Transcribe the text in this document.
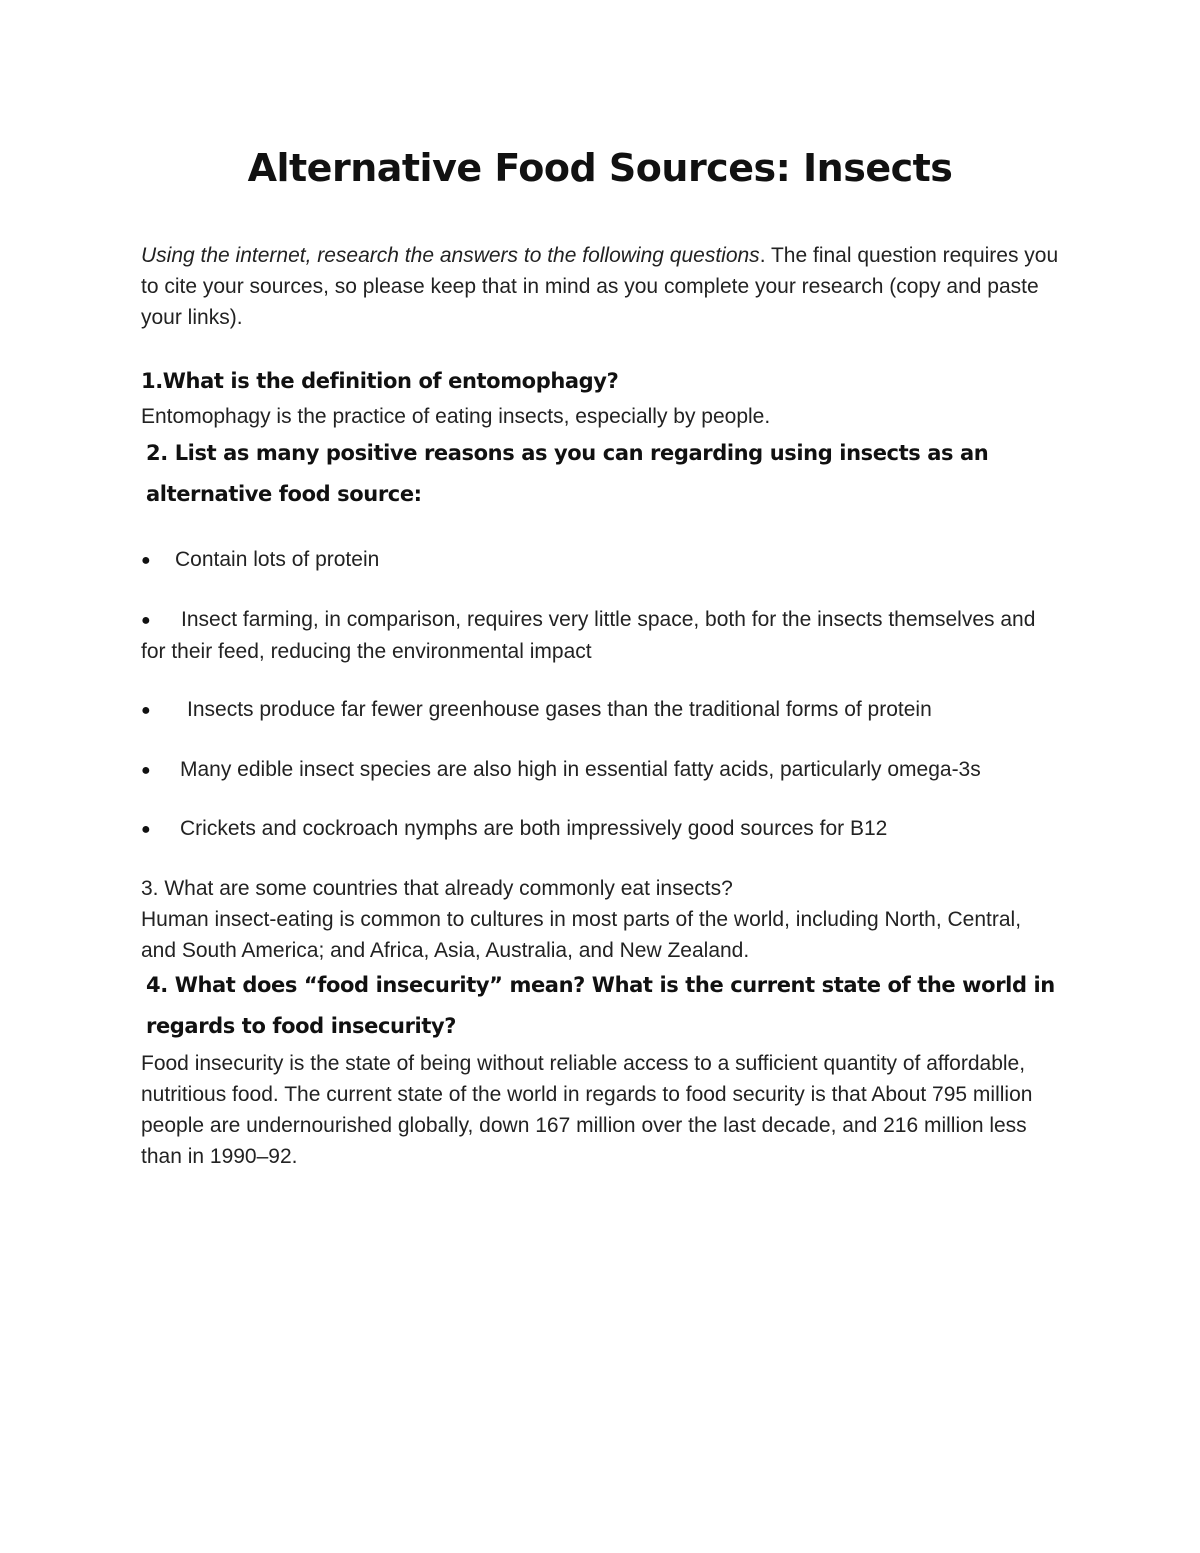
Alternative Food Sources: Insects

Using the internet, research the answers to the following questions. The final question requires you to cite your sources, so please keep that in mind as you complete your research (copy and paste your links).

1.What is the definition of entomophagy?

Entomophagy is the practice of eating insects, especially by people.

2. List as many positive reasons as you can regarding using insects as an alternative food source:

● Contain lots of protein

● Insect farming, in comparison, requires very little space, both for the insects themselves and for their feed, reducing the environmental impact

● Insects produce far fewer greenhouse gases than the traditional forms of protein

● Many edible insect species are also high in essential fatty acids, particularly omega-3s

● Crickets and cockroach nymphs are both impressively good sources for B12

3. What are some countries that already commonly eat insects?

Human insect-eating is common to cultures in most parts of the world, including North, Central, and South America; and Africa, Asia, Australia, and New Zealand.

4. What does “food insecurity” mean? What is the current state of the world in regards to food insecurity?

Food insecurity is the state of being without reliable access to a sufficient quantity of affordable, nutritious food. The current state of the world in regards to food security is that About 795 million people are undernourished globally, down 167 million over the last decade, and 216 million less than in 1990–92.
